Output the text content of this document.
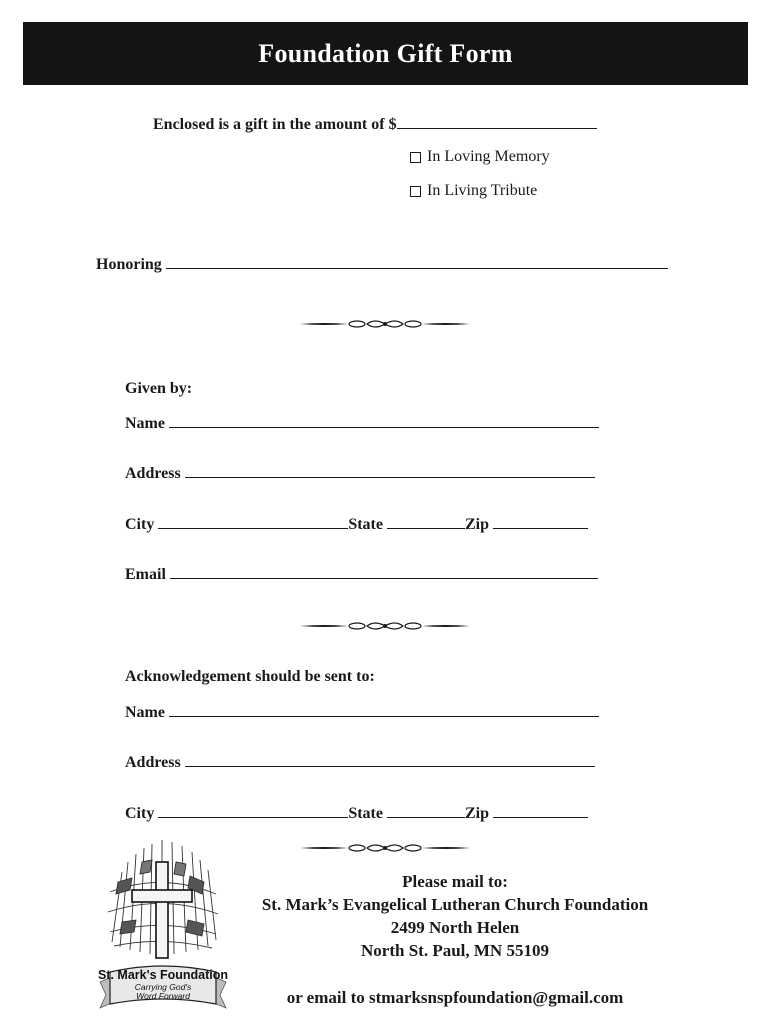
Foundation Gift Form
Enclosed is a gift in the amount of $
In Loving Memory
In Living Tribute
Honoring
Given by:
Name
Address
City	State	Zip
Email
Acknowledgement should be sent to:
Name
Address
City	State	Zip
St. Mark's Foundation
Carrying God's
Word Forward
Please mail to:
St. Mark’s Evangelical Lutheran Church Foundation
2499 North Helen
North St. Paul, MN 55109
or email to stmarksnspfoundation@gmail.com
